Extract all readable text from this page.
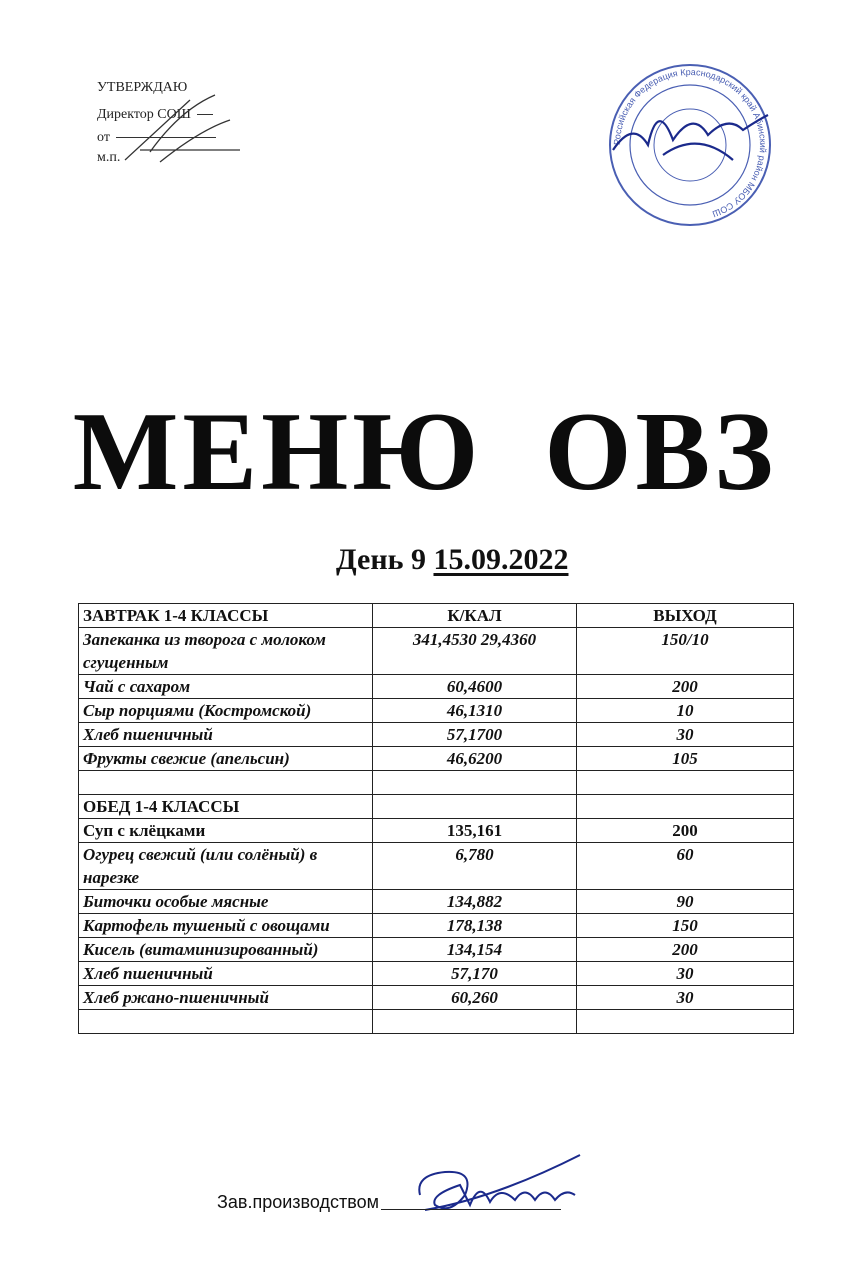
УТВЕРЖДАЮ
Директор СОШ
от
м.п.
Российская Федерация Краснодарский край Абинский район МБОУ СОШ
МЕНЮ ОВЗ
День 9 15.09.2022
ЗАВТРАК 1-4 КЛАССЫ	К/КАЛ	ВЫХОД
Запеканка из творога с молоком сгущенным	341,4530 29,4360	150/10
Чай с сахаром	60,4600	200
Сыр порциями (Костромской)	46,1310	10
Хлеб пшеничный	57,1700	30
Фрукты свежие (апельсин)	46,6200	105

ОБЕД 1-4 КЛАССЫ		
Суп с клёцками	135,161	200
Огурец свежий (или солёный) в нарезке	6,780	60
Биточки особые мясные	134,882	90
Картофель тушеный с овощами	178,138	150
Кисель (витаминизированный)	134,154	200
Хлеб пшеничный	57,170	30
Хлеб ржано-пшеничный	60,260	30

Зав.производством
